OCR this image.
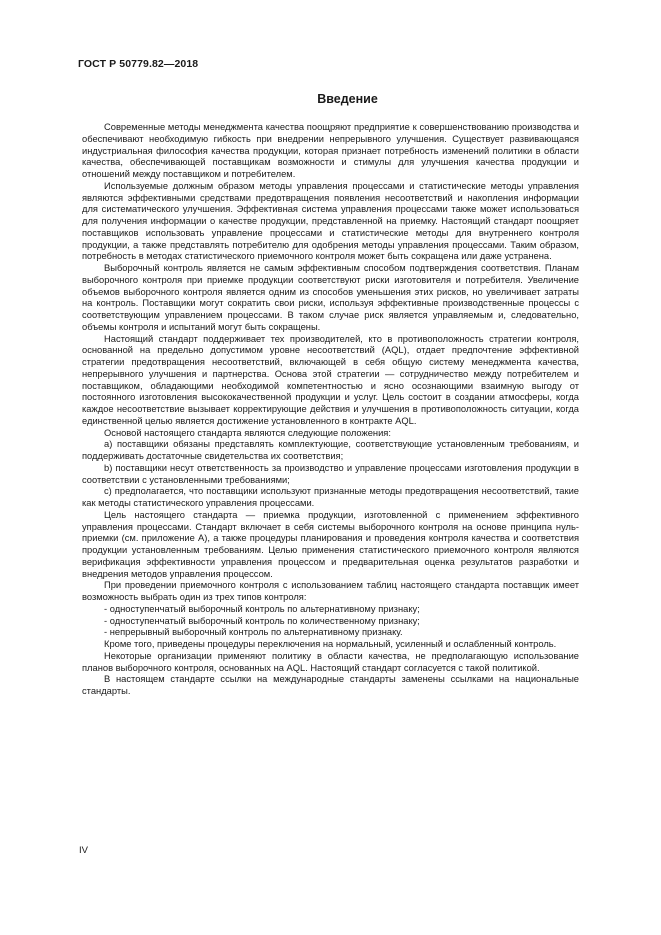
ГОСТ Р 50779.82—2018
Введение

Современные методы менеджмента качества поощряют предприятие к совершенствованию производства и обеспечивают необходимую гибкость при внедрении непрерывного улучшения. Существует развивающаяся индустриальная философия качества продукции, которая признает потребность изменений политики в области качества, обеспечивающей поставщикам возможности и стимулы для улучшения качества продукции и отношений между поставщиком и потребителем.

Используемые должным образом методы управления процессами и статистические методы управления являются эффективными средствами предотвращения появления несоответствий и накопления информации для систематического улучшения. Эффективная система управления процессами также может использоваться для получения информации о качестве продукции, представленной на приемку. Настоящий стандарт поощряет поставщиков использовать управление процессами и статистические методы для внутреннего контроля продукции, а также представлять потребителю для одобрения методы управления процессами. Таким образом, потребность в методах статистического приемочного контроля может быть сокращена или даже устранена.

Выборочный контроль является не самым эффективным способом подтверждения соответствия. Планам выборочного контроля при приемке продукции соответствуют риски изготовителя и потребителя. Увеличение объемов выборочного контроля является одним из способов уменьшения этих рисков, но увеличивает затраты на контроль. Поставщики могут сократить свои риски, используя эффективные производственные процессы с соответствующим управлением процессами. В таком случае риск является управляемым и, следовательно, объемы контроля и испытаний могут быть сокращены.

Настоящий стандарт поддерживает тех производителей, кто в противоположность стратегии контроля, основанной на предельно допустимом уровне несоответствий (AQL), отдает предпочтение эффективной стратегии предотвращения несоответствий, включающей в себя общую систему менеджмента качества, непрерывного улучшения и партнерства. Основа этой стратегии — сотрудничество между потребителем и поставщиком, обладающими необходимой компетентностью и ясно осознающими взаимную выгоду от постоянного изготовления высококачественной продукции и услуг. Цель состоит в создании атмосферы, когда каждое несоответствие вызывает корректирующие действия и улучшения в противоположность ситуации, когда единственной целью является достижение установленного в контракте AQL.

Основой настоящего стандарта являются следующие положения:

a) поставщики обязаны представлять комплектующие, соответствующие установленным требованиям, и поддерживать достаточные свидетельства их соответствия;

b) поставщики несут ответственность за производство и управление процессами изготовления продукции в соответствии с установленными требованиями;

c) предполагается, что поставщики используют признанные методы предотвращения несоответствий, такие как методы статистического управления процессами.

Цель настоящего стандарта — приемка продукции, изготовленной с применением эффективного управления процессами. Стандарт включает в себя системы выборочного контроля на основе принципа нуль-приемки (см. приложение A), а также процедуры планирования и проведения контроля качества и соответствия продукции установленным требованиям. Целью применения статистического приемочного контроля являются верификация эффективности управления процессом и предварительная оценка результатов разработки и внедрения методов управления процессом.

При проведении приемочного контроля с использованием таблиц настоящего стандарта поставщик имеет возможность выбрать один из трех типов контроля:

- одноступенчатый выборочный контроль по альтернативному признаку;

- одноступенчатый выборочный контроль по количественному признаку;

- непрерывный выборочный контроль по альтернативному признаку.

Кроме того, приведены процедуры переключения на нормальный, усиленный и ослабленный контроль.

Некоторые организации применяют политику в области качества, не предполагающую использование планов выборочного контроля, основанных на AQL. Настоящий стандарт согласуется с такой политикой.

В настоящем стандарте ссылки на международные стандарты заменены ссылками на национальные стандарты.

IV
